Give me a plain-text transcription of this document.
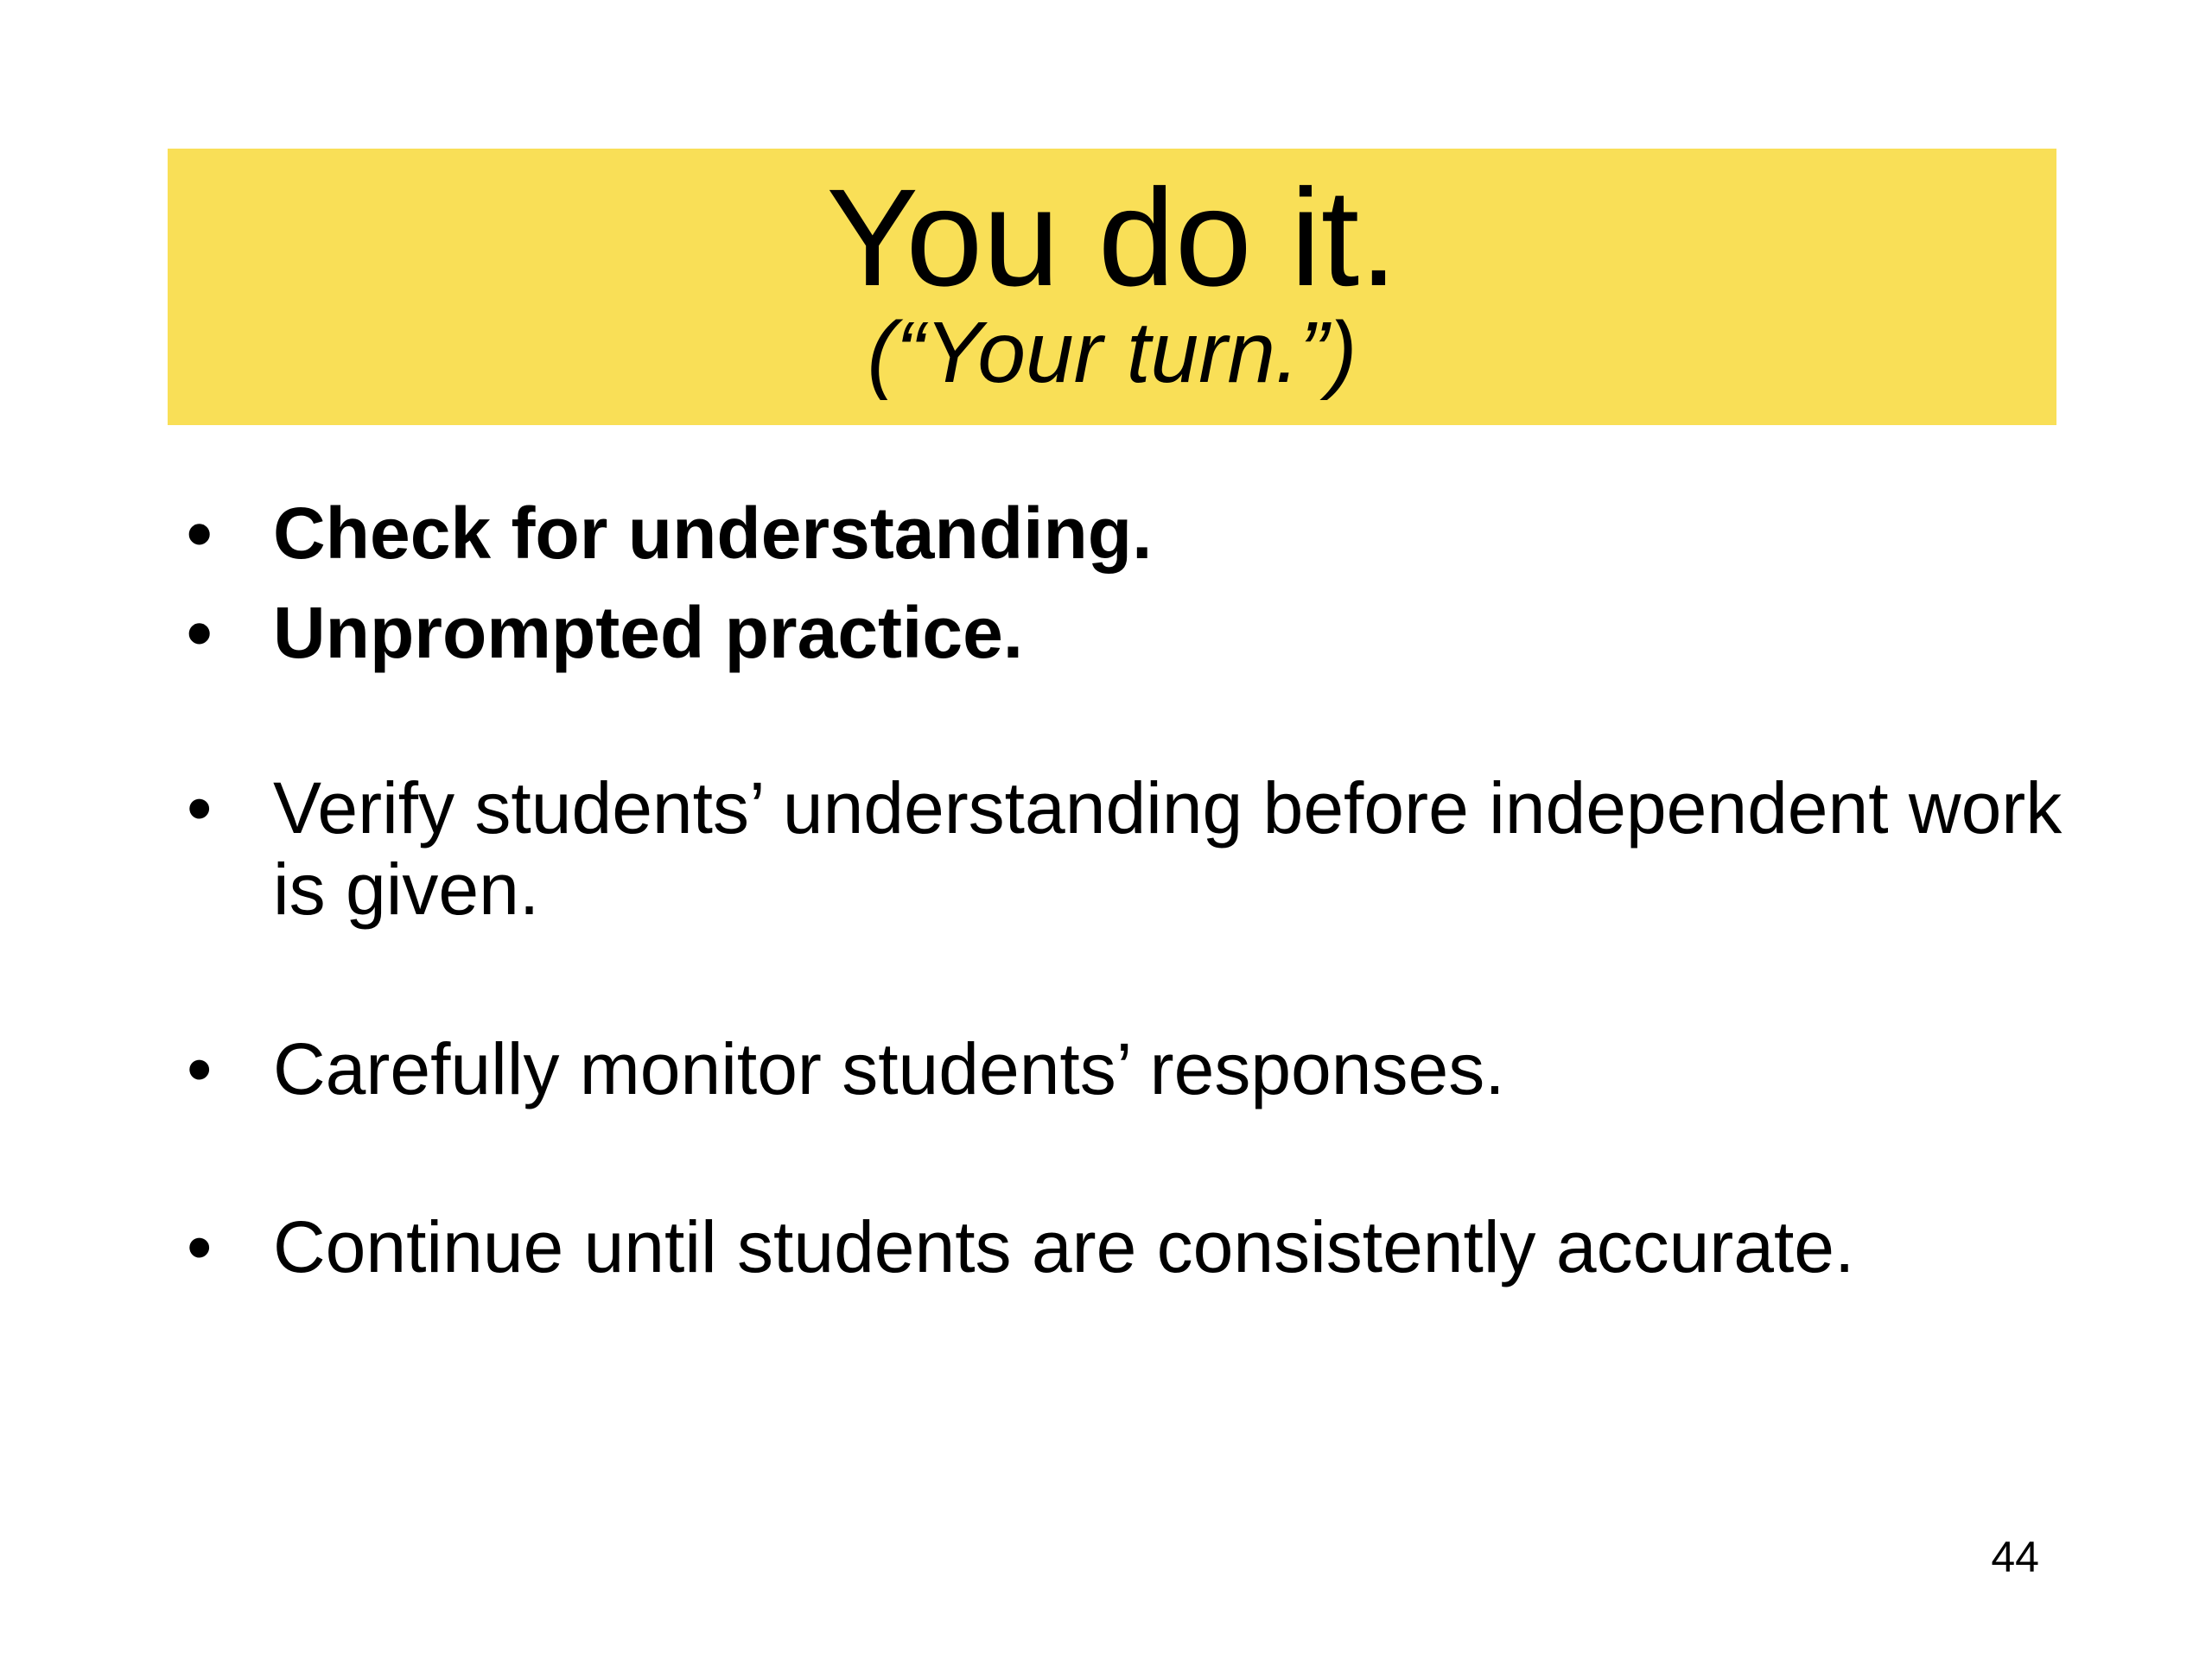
You do it.
(“Your turn.”)
• Check for understanding.
• Unprompted practice.
• Verify students’ understanding before independent work is given.
• Carefully monitor students’ responses.
• Continue until students are consistently accurate.
44
